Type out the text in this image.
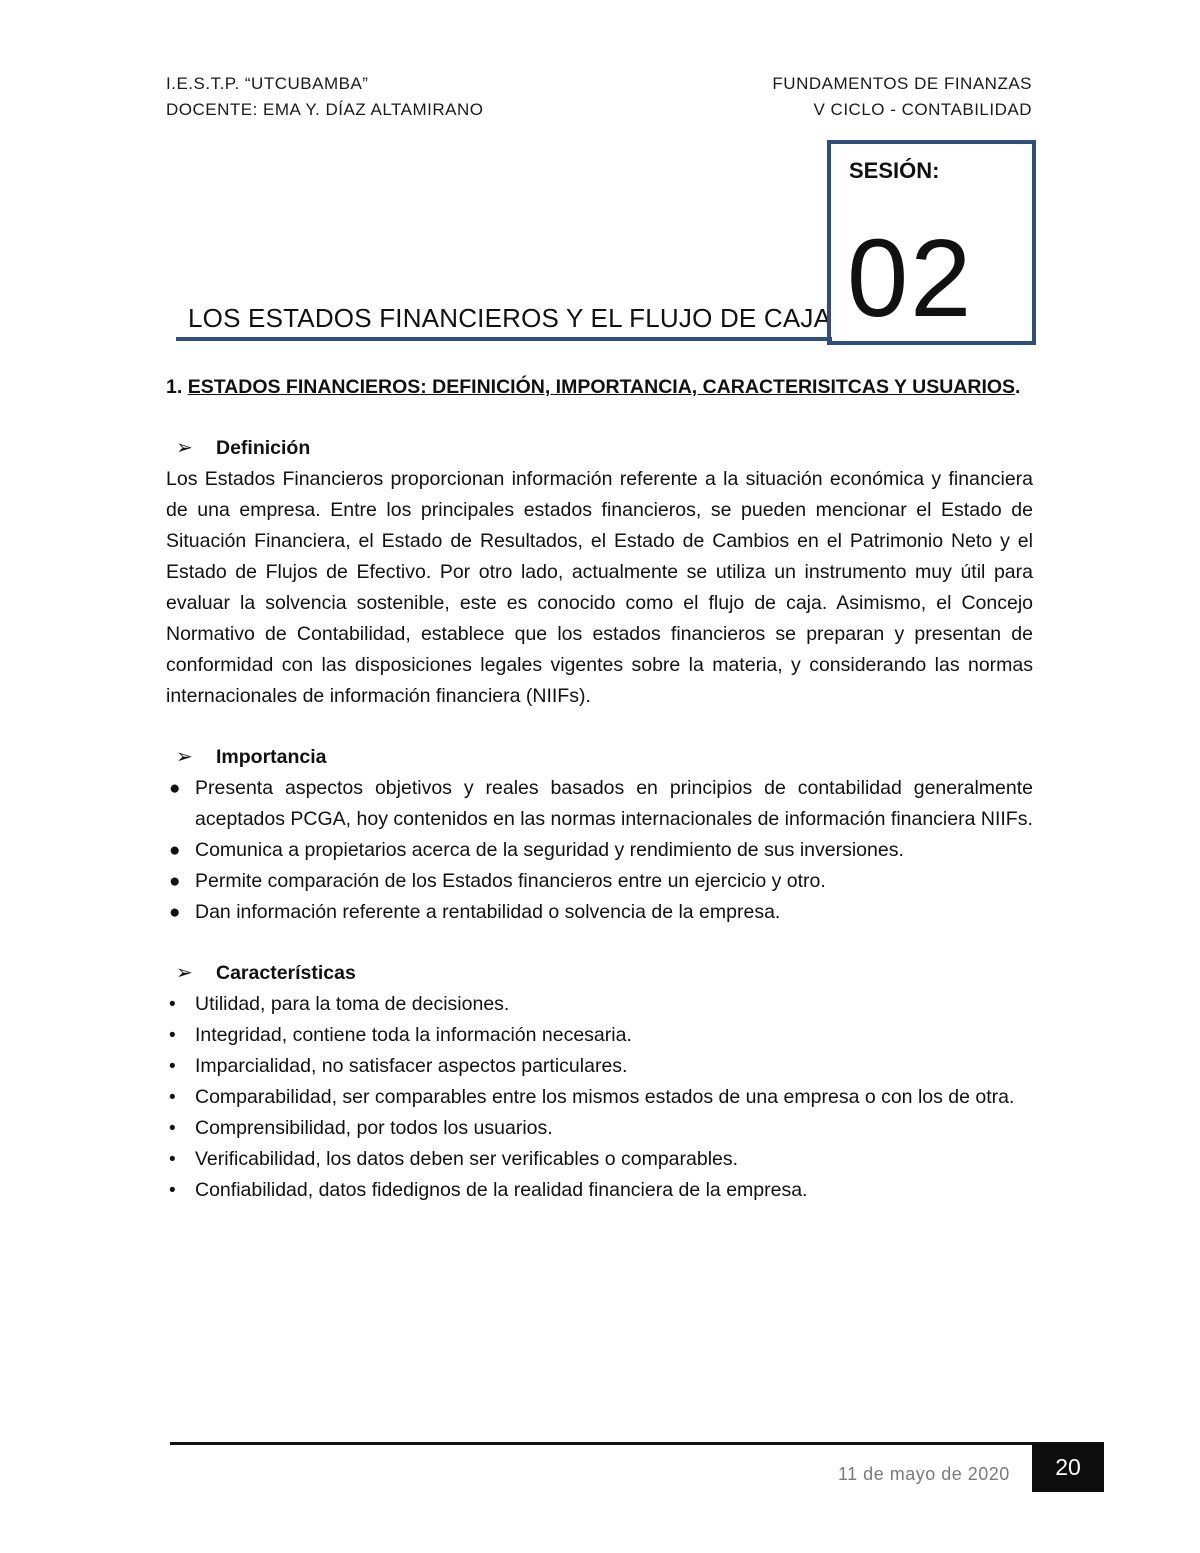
I.E.S.T.P. “UTCUBAMBA”
DOCENTE: EMA Y. DÍAZ ALTAMIRANO
FUNDAMENTOS DE FINANZAS
V CICLO - CONTABILIDAD
LOS ESTADOS FINANCIEROS Y EL FLUJO DE CAJA
SESIÓN:
02

1. ESTADOS FINANCIEROS: DEFINICIÓN, IMPORTANCIA, CARACTERISITCAS Y USUARIOS.

➢ Definición

Los Estados Financieros proporcionan información referente a la situación económica y financiera de una empresa. Entre los principales estados financieros, se pueden mencionar el Estado de Situación Financiera, el Estado de Resultados, el Estado de Cambios en el Patrimonio Neto y el Estado de Flujos de Efectivo. Por otro lado, actualmente se utiliza un instrumento muy útil para evaluar la solvencia sostenible, este es conocido como el flujo de caja. Asimismo, el Concejo Normativo de Contabilidad, establece que los estados financieros se preparan y presentan de conformidad con las disposiciones legales vigentes sobre la materia, y considerando las normas internacionales de información financiera (NIIFs).

➢ Importancia
● Presenta aspectos objetivos y reales basados en principios de contabilidad generalmente aceptados PCGA, hoy contenidos en las normas internacionales de información financiera NIIFs.
● Comunica a propietarios acerca de la seguridad y rendimiento de sus inversiones.
● Permite comparación de los Estados financieros entre un ejercicio y otro.
● Dan información referente a rentabilidad o solvencia de la empresa.
➢ Características
• Utilidad, para la toma de decisiones.
• Integridad, contiene toda la información necesaria.
• Imparcialidad, no satisfacer aspectos particulares.
• Comparabilidad, ser comparables entre los mismos estados de una empresa o con los de otra.
• Comprensibilidad, por todos los usuarios.
• Verificabilidad, los datos deben ser verificables o comparables.
• Confiabilidad, datos fidedignos de la realidad financiera de la empresa.
11 de mayo de 2020	20
